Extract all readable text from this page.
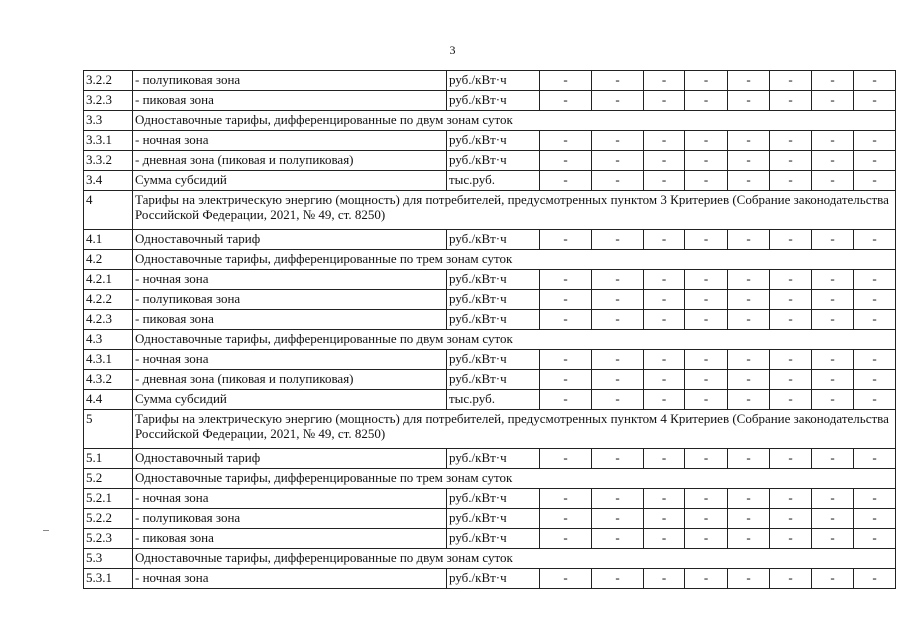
3
3.2.2	- полупиковая зона	руб./кВт·ч	-	-	-	-	-	-	-	-
3.2.3	- пиковая зона	руб./кВт·ч	-	-	-	-	-	-	-	-
3.3	Одноставочные тарифы, дифференцированные по двум зонам суток									
3.3.1	- ночная зона	руб./кВт·ч	-	-	-	-	-	-	-	-
3.3.2	- дневная зона (пиковая и полупиковая)	руб./кВт·ч	-	-	-	-	-	-	-	-
3.4	Сумма субсидий	тыс.руб.	-	-	-	-	-	-	-	-
4	Тарифы на электрическую энергию (мощность) для потребителей, предусмотренных пунктом 3 Критериев (Собрание законодательства Российской Федерации, 2021, № 49, ст. 8250)									
4.1	Одноставочный тариф	руб./кВт·ч	-	-	-	-	-	-	-	-
4.2	Одноставочные тарифы, дифференцированные по трем зонам суток									
4.2.1	- ночная зона	руб./кВт·ч	-	-	-	-	-	-	-	-
4.2.2	- полупиковая зона	руб./кВт·ч	-	-	-	-	-	-	-	-
4.2.3	- пиковая зона	руб./кВт·ч	-	-	-	-	-	-	-	-
4.3	Одноставочные тарифы, дифференцированные по двум зонам суток									
4.3.1	- ночная зона	руб./кВт·ч	-	-	-	-	-	-	-	-
4.3.2	- дневная зона (пиковая и полупиковая)	руб./кВт·ч	-	-	-	-	-	-	-	-
4.4	Сумма субсидий	тыс.руб.	-	-	-	-	-	-	-	-
5	Тарифы на электрическую энергию (мощность) для потребителей, предусмотренных пунктом 4 Критериев (Собрание законодательства Российской Федерации, 2021, № 49, ст. 8250)									
5.1	Одноставочный тариф	руб./кВт·ч	-	-	-	-	-	-	-	-
5.2	Одноставочные тарифы, дифференцированные по трем зонам суток									
5.2.1	- ночная зона	руб./кВт·ч	-	-	-	-	-	-	-	-
5.2.2	- полупиковая зона	руб./кВт·ч	-	-	-	-	-	-	-	-
5.2.3	- пиковая зона	руб./кВт·ч	-	-	-	-	-	-	-	-
5.3	Одноставочные тарифы, дифференцированные по двум зонам суток									
5.3.1	- ночная зона	руб./кВт·ч	-	-	-	-	-	-	-	-
